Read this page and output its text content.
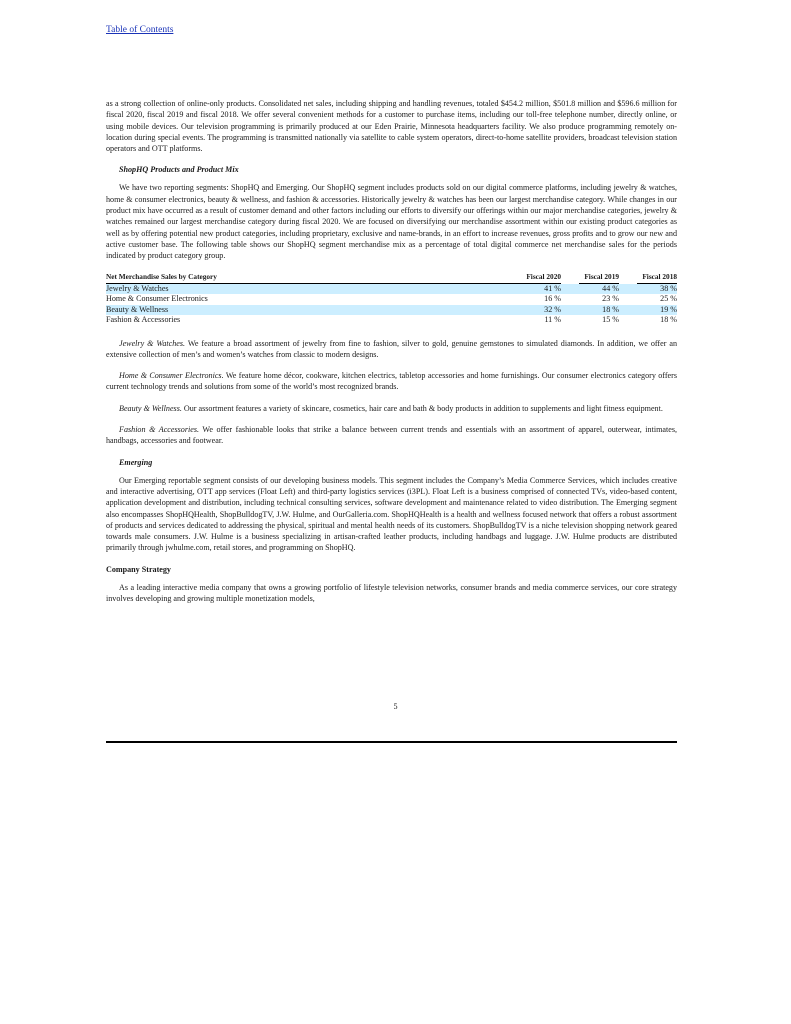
Table of Contents

as a strong collection of online-only products. Consolidated net sales, including shipping and handling revenues, totaled $454.2 million, $501.8 million and $596.6 million for fiscal 2020, fiscal 2019 and fiscal 2018. We offer several convenient methods for a customer to purchase items, including our toll-free telephone number, directly online, or using mobile devices. Our television programming is primarily produced at our Eden Prairie, Minnesota headquarters facility. We also produce programming remotely on-location during special events. The programming is transmitted nationally via satellite to cable system operators, direct-to-home satellite providers, broadcast television station operators and OTT platforms.

ShopHQ Products and Product Mix

We have two reporting segments: ShopHQ and Emerging. Our ShopHQ segment includes products sold on our digital commerce platforms, including jewelry & watches, home & consumer electronics, beauty & wellness, and fashion & accessories. Historically jewelry & watches has been our largest merchandise category. While changes in our product mix have occurred as a result of customer demand and other factors including our efforts to diversify our offerings within our major merchandise categories, jewelry & watches remained our largest merchandise category during fiscal 2020. We are focused on diversifying our merchandise assortment within our existing product categories as well as by offering potential new product categories, including proprietary, exclusive and name-brands, in an effort to increase revenues, gross profits and to grow our new and active customer base. The following table shows our ShopHQ segment merchandise mix as a percentage of total digital commerce net merchandise sales for the periods indicated by product category group.

Net Merchandise Sales by Category	Fiscal 2020		Fiscal 2019		Fiscal 2018
Jewelry & Watches	41 %		44 %		38 %
Home & Consumer Electronics	16 %		23 %		25 %
Beauty & Wellness	32 %		18 %		19 %
Fashion & Accessories	11 %		15 %		18 %

Jewelry & Watches. We feature a broad assortment of jewelry from fine to fashion, silver to gold, genuine gemstones to simulated diamonds. In addition, we offer an extensive collection of men’s and women’s watches from classic to modern designs.

Home & Consumer Electronics. We feature home décor, cookware, kitchen electrics, tabletop accessories and home furnishings. Our consumer electronics category offers current technology trends and solutions from some of the world’s most recognized brands.

Beauty & Wellness. Our assortment features a variety of skincare, cosmetics, hair care and bath & body products in addition to supplements and light fitness equipment.

Fashion & Accessories. We offer fashionable looks that strike a balance between current trends and essentials with an assortment of apparel, outerwear, intimates, handbags, accessories and footwear.

Emerging

Our Emerging reportable segment consists of our developing business models. This segment includes the Company’s Media Commerce Services, which includes creative and interactive advertising, OTT app services (Float Left) and third-party logistics services (i3PL). Float Left is a business comprised of connected TVs, video-based content, application development and distribution, including technical consulting services, software development and maintenance related to video distribution. The Emerging segment also encompasses ShopHQHealth, ShopBulldogTV, J.W. Hulme, and OurGalleria.com. ShopHQHealth is a health and wellness focused network that offers a robust assortment of products and services dedicated to addressing the physical, spiritual and mental health needs of its customers. ShopBulldogTV is a niche television shopping network geared towards male consumers. J.W. Hulme is a business specializing in artisan-crafted leather products, including handbags and luggage. J.W. Hulme products are distributed primarily through jwhulme.com, retail stores, and programming on ShopHQ.

Company Strategy

As a leading interactive media company that owns a growing portfolio of lifestyle television networks, consumer brands and media commerce services, our core strategy involves developing and growing multiple monetization models,

5
